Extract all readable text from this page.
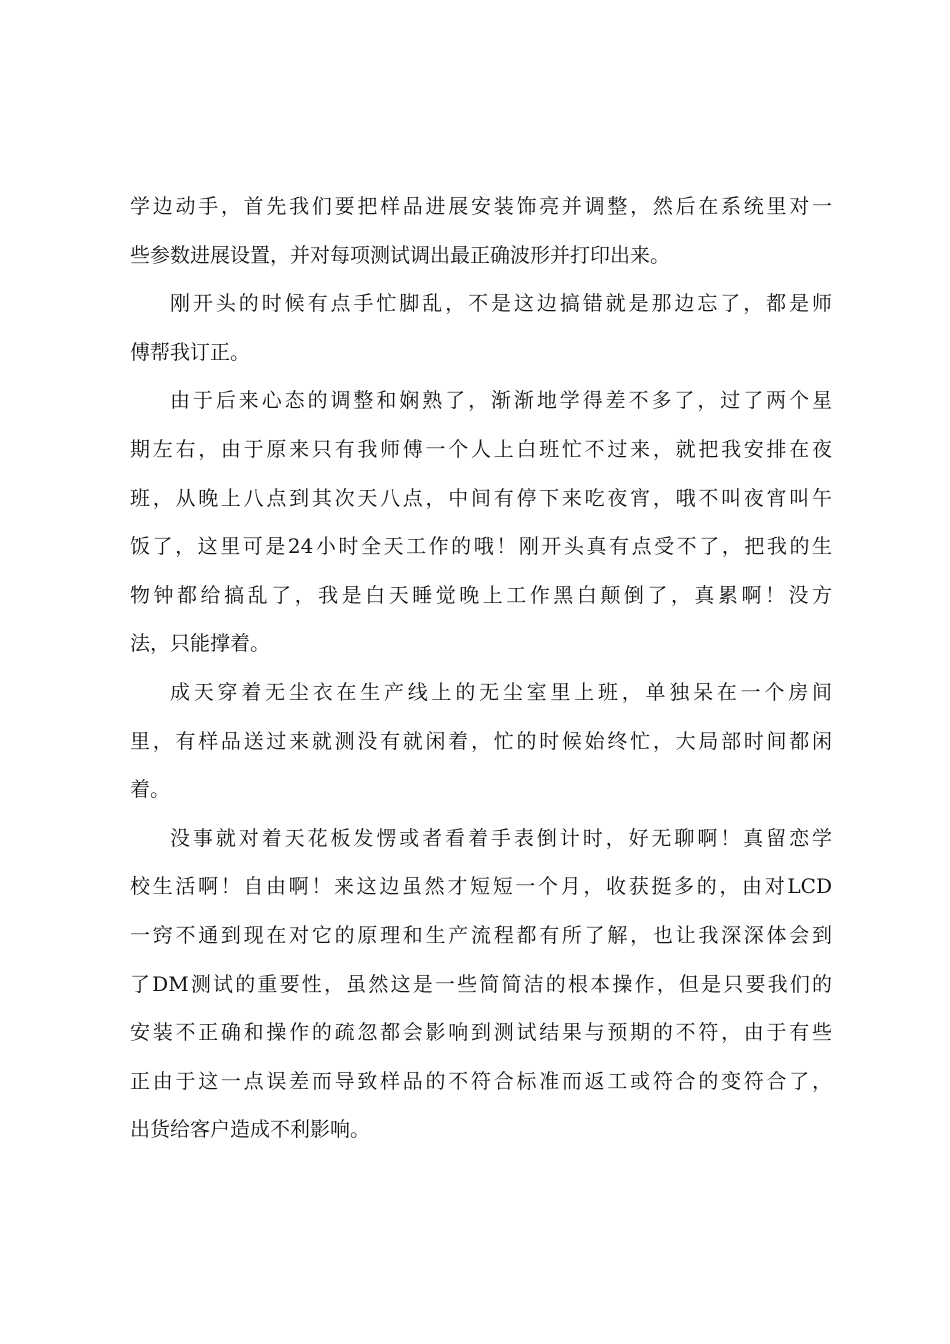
学边动手，首先我们要把样品进展安装饰亮并调整，然后在系统里对一
些参数进展设置，并对每项测试调出最正确波形并打印出来。
刚开头的时候有点手忙脚乱，不是这边搞错就是那边忘了，都是师
傅帮我订正。
由于后来心态的调整和娴熟了，渐渐地学得差不多了，过了两个星
期左右，由于原来只有我师傅一个人上白班忙不过来，就把我安排在夜
班，从晚上八点到其次天八点，中间有停下来吃夜宵，哦不叫夜宵叫午
饭了，这里可是24小时全天工作的哦！刚开头真有点受不了，把我的生
物钟都给搞乱了，我是白天睡觉晚上工作黑白颠倒了，真累啊！没方
法，只能撑着。
成天穿着无尘衣在生产线上的无尘室里上班，单独呆在一个房间
里，有样品送过来就测没有就闲着，忙的时候始终忙，大局部时间都闲
着。
没事就对着天花板发愣或者看着手表倒计时，好无聊啊！真留恋学
校生活啊！自由啊！来这边虽然才短短一个月，收获挺多的，由对LCD
一窍不通到现在对它的原理和生产流程都有所了解，也让我深深体会到
了DM测试的重要性，虽然这是一些简简洁的根本操作，但是只要我们的
安装不正确和操作的疏忽都会影响到测试结果与预期的不符，由于有些
正由于这一点误差而导致样品的不符合标准而返工或符合的变符合了，
出货给客户造成不利影响。
